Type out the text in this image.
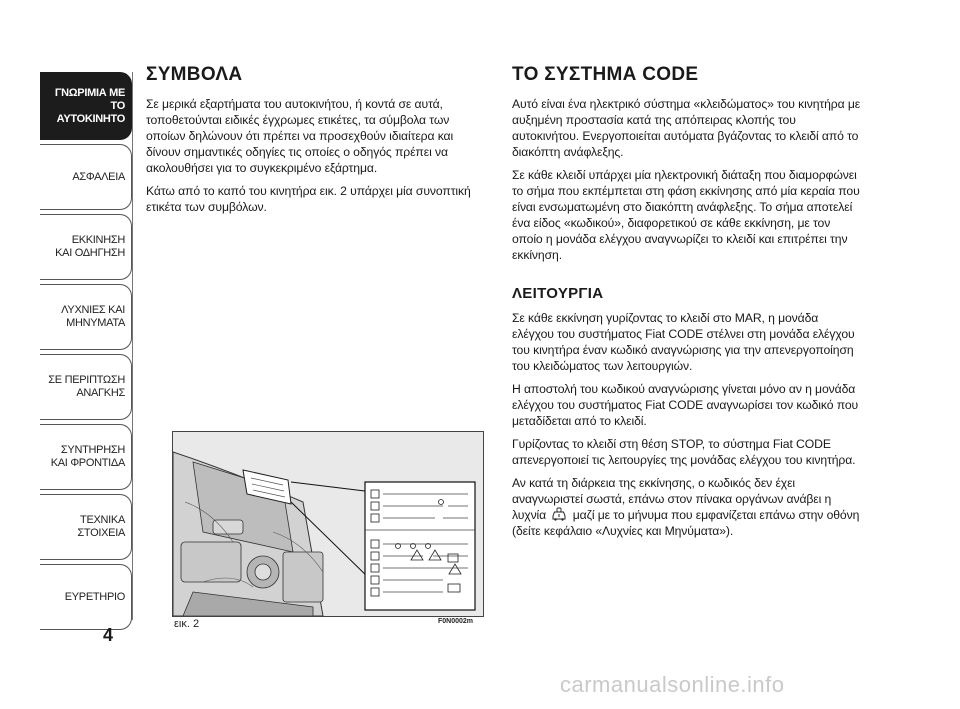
ΓΝΩΡΙΜΙΑ ΜΕ
ΤΟ ΑΥΤΟΚΙΝΗΤΟ
ΑΣΦΑΛΕΙΑ
ΕΚΚΙΝΗΣΗ
ΚΑΙ ΟΔΗΓΗΣΗ
ΛΥΧΝΙΕΣ ΚΑΙ
ΜΗΝΥΜΑΤΑ
ΣΕ ΠΕΡΙΠΤΩΣΗ
ΑΝΑΓΚΗΣ
ΣΥΝΤΗΡΗΣΗ
ΚΑΙ ΦΡΟΝΤΙΔΑ
ΤΕΧΝΙΚΑ
ΣΤΟΙΧΕΙΑ
ΕΥΡΕΤΗΡΙΟ
4
ΣΥΜΒΟΛΑ

Σε μερικά εξαρτήματα του αυτοκινήτου, ή κοντά σε αυτά, τοποθετούνται ειδικές έγχρωμες ετικέτες, τα σύμβολα των οποίων δηλώνουν ότι πρέπει να προσεχθούν ιδιαίτερα και δίνουν σημαντικές οδηγίες τις οποίες ο οδηγός πρέπει να ακολουθήσει για το συγκεκριμένο εξάρτημα.

Κάτω από το καπό του κινητήρα εικ. 2 υπάρχει μία συνοπτική ετικέτα των συμβόλων.

εικ. 2	F0N0002m
ΤΟ ΣΥΣΤΗΜΑ CODE

Αυτό είναι ένα ηλεκτρικό σύστημα «κλειδώματος» του κινητήρα με αυξημένη προστασία κατά της απόπειρας κλοπής του αυτοκινήτου. Ενεργοποιείται αυτόματα βγάζοντας το κλειδί από το διακόπτη ανάφλεξης.

Σε κάθε κλειδί υπάρχει μία ηλεκτρονική διάταξη που διαμορφώνει το σήμα που εκπέμπεται στη φάση εκκίνησης από μία κεραία που είναι ενσωματωμένη στο διακόπτη ανάφλεξης. Το σήμα αποτελεί ένα είδος «κωδικού», διαφορετικού σε κάθε εκκίνηση, με τον οποίο η μονάδα ελέγχου αναγνωρίζει το κλειδί και επιτρέπει την εκκίνηση.

ΛΕΙΤΟΥΡΓΙΑ

Σε κάθε εκκίνηση γυρίζοντας το κλειδί στο MAR, η μονάδα ελέγχου του συστήματος Fiat CODE στέλνει στη μονάδα ελέγχου του κινητήρα έναν κωδικό αναγνώρισης για την απενεργοποίηση του κλειδώματος των λειτουργιών.

Η αποστολή του κωδικού αναγνώρισης γίνεται μόνο αν η μονάδα ελέγχου του συστήματος Fiat CODE αναγνωρίσει τον κωδικό που μεταδίδεται από το κλειδί.

Γυρίζοντας το κλειδί στη θέση STOP, το σύστημα Fiat CODE απενεργοποιεί τις λειτουργίες της μονάδας ελέγχου του κινητήρα.

Αν κατά τη διάρκεια της εκκίνησης, ο κωδικός δεν έχει αναγνωριστεί σωστά, επάνω στον πίνακα οργάνων ανάβει η λυχνία μαζί με το μήνυμα που εμφανίζεται επάνω στην οθόνη (δείτε κεφάλαιο «Λυχνίες και Μηνύματα»).

carmanualsonline.info
